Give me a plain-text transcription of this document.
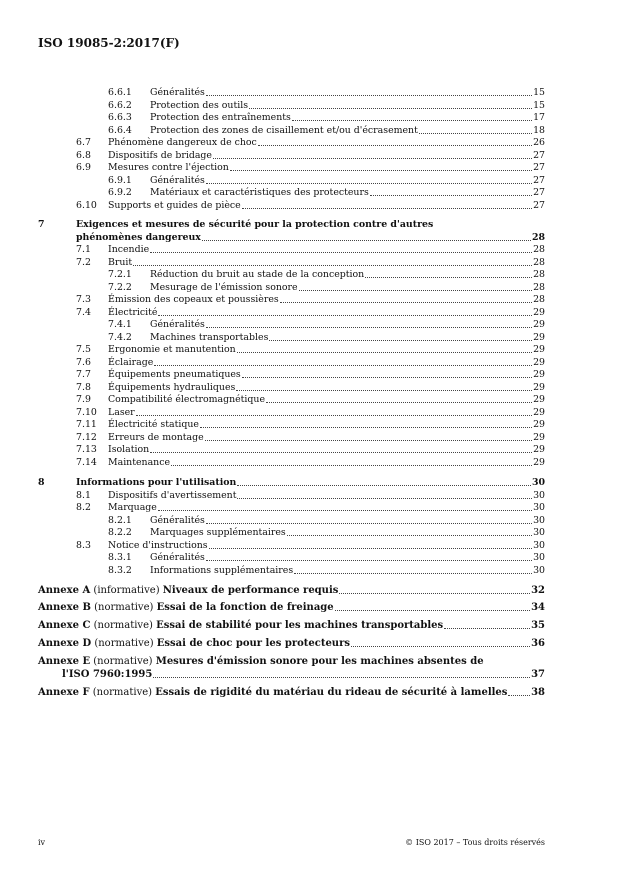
ISO 19085-2:2017(F)
6.6.1 Généralités	15
6.6.2 Protection des outils	15
6.6.3 Protection des entraînements	17
6.6.4 Protection des zones de cisaillement et/ou d'écrasement	18
6.7 Phénomène dangereux de choc	26
6.8 Dispositifs de bridage	27
6.9 Mesures contre l'éjection	27
6.9.1 Généralités	27
6.9.2 Matériaux et caractéristiques des protecteurs	27
6.10 Supports et guides de pièce	27
7	Exigences et mesures de sécurité pour la protection contre d'autres
phénomènes dangereux	28
7.1 Incendie	28
7.2 Bruit	28
7.2.1 Réduction du bruit au stade de la conception	28
7.2.2 Mesurage de l'émission sonore	28
7.3 Émission des copeaux et poussières	28
7.4 Électricité	29
7.4.1 Généralités	29
7.4.2 Machines transportables	29
7.5 Ergonomie et manutention	29
7.6 Éclairage	29
7.7 Équipements pneumatiques	29
7.8 Équipements hydrauliques	29
7.9 Compatibilité électromagnétique	29
7.10 Laser	29
7.11 Électricité statique	29
7.12 Erreurs de montage	29
7.13 Isolation	29
7.14 Maintenance	29
8	Informations pour l'utilisation	30
8.1 Dispositifs d'avertissement	30
8.2 Marquage	30
8.2.1 Généralités	30
8.2.2 Marquages supplémentaires	30
8.3 Notice d'instructions	30
8.3.1 Généralités	30
8.3.2 Informations supplémentaires	30
Annexe A (informative) Niveaux de performance requis	32
Annexe B (normative) Essai de la fonction de freinage	34
Annexe C (normative) Essai de stabilité pour les machines transportables	35
Annexe D (normative) Essai de choc pour les protecteurs	36
Annexe E (normative) Mesures d'émission sonore pour les machines absentes de
l'ISO 7960:1995	37
Annexe F (normative) Essais de rigidité du matériau du rideau de sécurité à lamelles 38
iv	© ISO 2017 – Tous droits réservés
